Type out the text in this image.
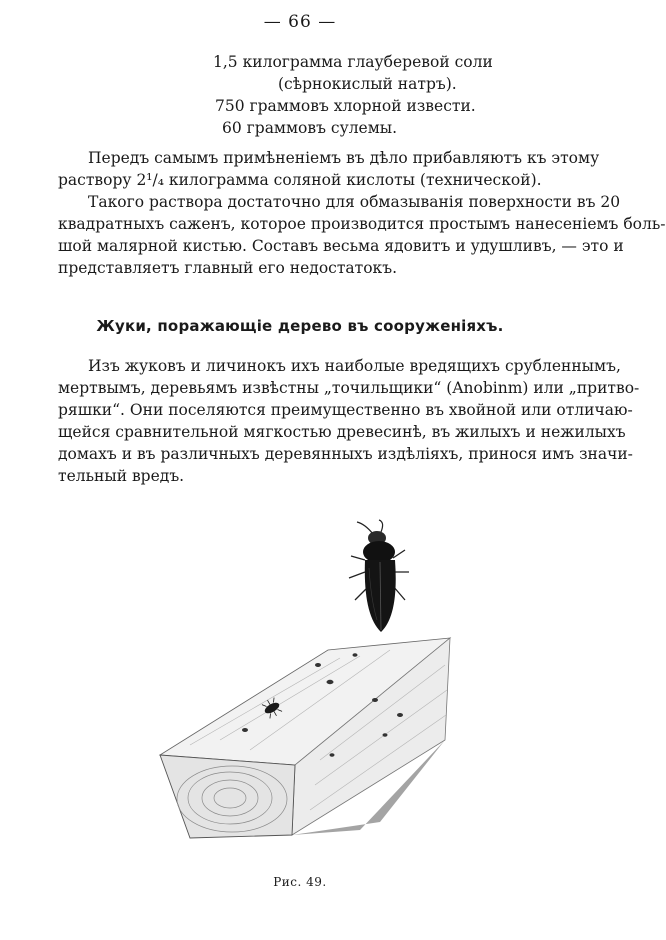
— 66 —
1,5 килограмма глауберевой соли
(сѣрнокислый натръ).
750 граммовъ хлорной извести.
60 граммовъ сулемы.
Передъ самымъ примѣненіемъ въ дѣло прибавляютъ къ этому
раствору 2¹/₄ килограмма соляной кислоты (технической).
Такого раствора достаточно для обмазыванія поверхности въ 20
квадратныхъ саженъ, которое производится простымъ нанесеніемъ боль-
шой малярной кистью. Составъ весьма ядовитъ и удушливъ, — это и
представляетъ главный его недостатокъ.
Жуки, поражающіе дерево въ сооруженіяхъ.
Изъ жуковъ и личинокъ ихъ наиболые вредящихъ срубленнымъ,
мертвымъ, деревьямъ извѣстны „точильщики“ (Anobinm) или „притво-
ряшки“. Они поселяются преимущественно въ хвойной или отличаю-
щейся сравнительной мягкостью древесинѣ, въ жилыхъ и нежилыхъ
домахъ и въ различныхъ деревянныхъ издѣліяхъ, принося имъ значи-
тельный вредъ.
Рис. 49.
